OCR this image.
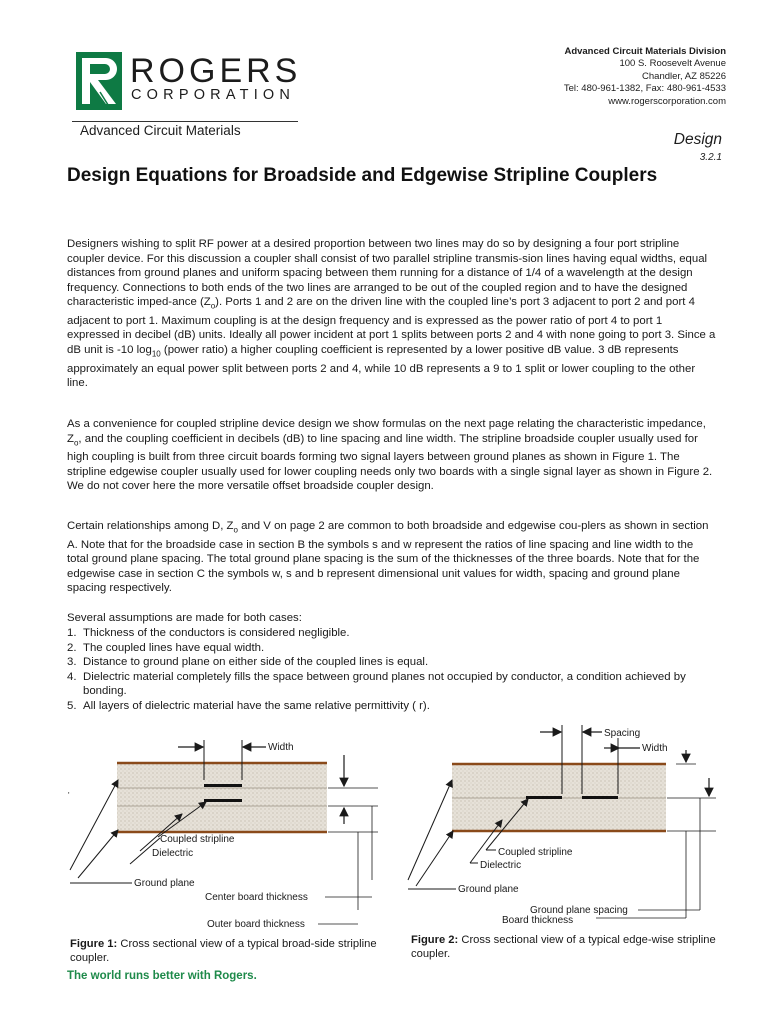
ROGERS
CORPORATION
Advanced Circuit Materials
Advanced Circuit Materials Division
100 S. Roosevelt Avenue
Chandler, AZ 85226
Tel: 480-961-1382, Fax: 480-961-4533
www.rogerscorporation.com
Design
3.2.1
Design Equations for Broadside and Edgewise Stripline Couplers

Designers wishing to split RF power at a desired proportion between two lines may do so by designing a four port stripline coupler device. For this discussion a coupler shall consist of two parallel stripline transmis-sion lines having equal widths, equal distances from ground planes and uniform spacing between them running for a distance of 1/4 of a wavelength at the design frequency. Connections to both ends of the two lines are arranged to be out of the coupled region and to have the designed characteristic imped-ance $(Z_o)$. Ports 1 and 2 are on the driven line with the coupled line’s port 3 adjacent to port 2 and port 4 adjacent to port 1. Maximum coupling is at the design frequency and is expressed as the power ratio of port 4 to port 1 expressed in decibel (dB) units. Ideally all power incident at port 1 splits between ports 2 and 4 with none going to port 3. Since a dB unit is -10 $\log_{10}$ (power ratio) a higher coupling coefficient is represented by a lower positive dB value. 3 dB represents approximately an equal power split between ports 2 and 4, while 10 dB represents a 9 to 1 split or lower coupling to the other line.

As a convenience for coupled stripline device design we show formulas on the next page relating the characteristic impedance, $Z_o$, and the coupling coefficient in decibels (dB) to line spacing and line width. The stripline broadside coupler usually used for high coupling is built from three circuit boards forming two signal layers between ground planes as shown in Figure 1. The stripline edgewise coupler usually used for lower coupling needs only two boards with a single signal layer as shown in Figure 2. We do not cover here the more versatile offset broadside coupler design.

Certain relationships among D, $Z_o$ and V on page 2 are common to both broadside and edgewise cou-plers as shown in section A. Note that for the broadside case in section B the symbols s and w represent the ratios of line spacing and line width to the total ground plane spacing. The total ground plane spacing is the sum of the thicknesses of the three boards. Note that for the edgewise case in section C the symbols w, s and b represent dimensional unit values for width, spacing and ground plane spacing respectively.

Several assumptions are made for both cases:
1. Thickness of the conductors is considered negligible.
2. The coupled lines have equal width.
3. Distance to ground plane on either side of the coupled lines is equal.
4. Dielectric material completely fills the space between ground planes not occupied by conductor, a condition achieved by bonding.
5. All layers of dielectric material have the same relative permittivity ( r).
Width
Coupled stripline
Dielectric
Ground plane
Center board thickness
Outer board thickness
'
Spacing
Width
Coupled stripline
Dielectric
Ground plane
Ground plane spacing
Board thickness
Figure 1: Cross sectional view of a typical broad-side stripline coupler.
Figure 2: Cross sectional view of a typical edge-wise stripline coupler.
The world runs better with Rogers.
